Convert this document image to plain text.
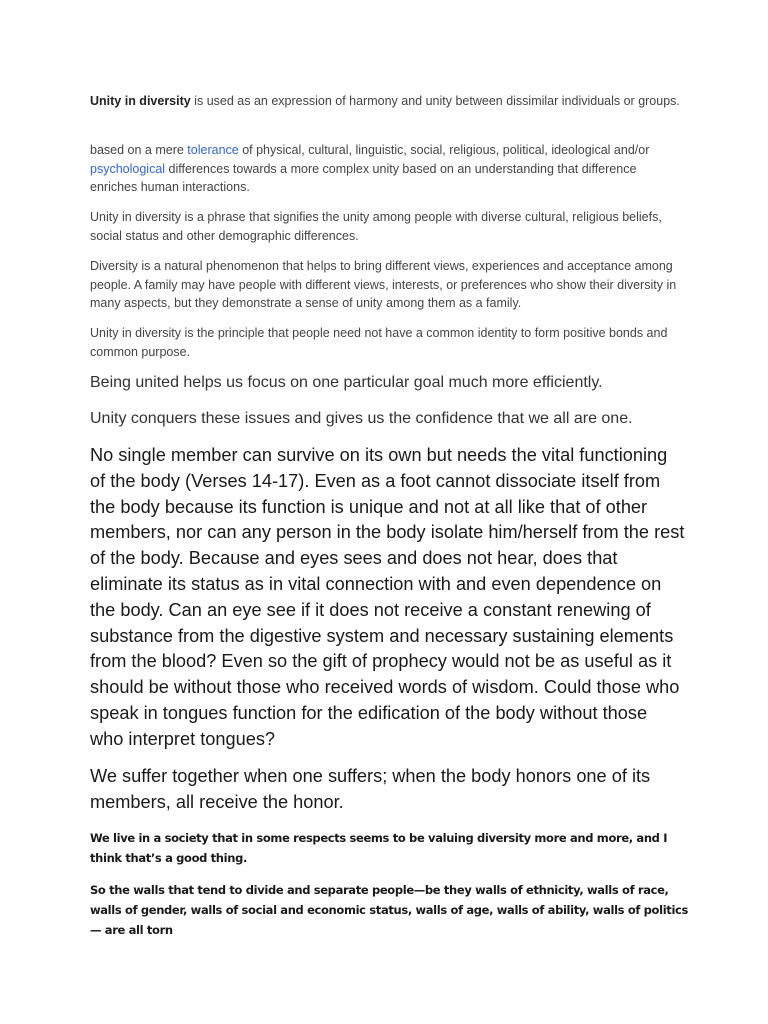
Unity in diversity is used as an expression of harmony and unity between dissimilar individuals or groups.

based on a mere tolerance of physical, cultural, linguistic, social, religious, political, ideological and/or psychological differences towards a more complex unity based on an understanding that difference enriches human interactions.

Unity in diversity is a phrase that signifies the unity among people with diverse cultural, religious beliefs, social status and other demographic differences.

Diversity is a natural phenomenon that helps to bring different views, experiences and acceptance among people. A family may have people with different views, interests, or preferences who show their diversity in many aspects, but they demonstrate a sense of unity among them as a family.

Unity in diversity is the principle that people need not have a common identity to form positive bonds and common purpose.

Being united helps us focus on one particular goal much more efficiently.

Unity conquers these issues and gives us the confidence that we all are one.

No single member can survive on its own but needs the vital functioning of the body (Verses 14-17). Even as a foot cannot dissociate itself from the body because its function is unique and not at all like that of other members, nor can any person in the body isolate him/herself from the rest of the body. Because and eyes sees and does not hear, does that eliminate its status as in vital connection with and even dependence on the body. Can an eye see if it does not receive a constant renewing of substance from the digestive system and necessary sustaining elements from the blood? Even so the gift of prophecy would not be as useful as it should be without those who received words of wisdom. Could those who speak in tongues function for the edification of the body without those who interpret tongues?

We suffer together when one suffers; when the body honors one of its members, all receive the honor.

We live in a society that in some respects seems to be valuing diversity more and more, and I think that’s a good thing.

So the walls that tend to divide and separate people—be they walls of ethnicity, walls of race, walls of gender, walls of social and economic status, walls of age, walls of ability, walls of politics— are all torn
